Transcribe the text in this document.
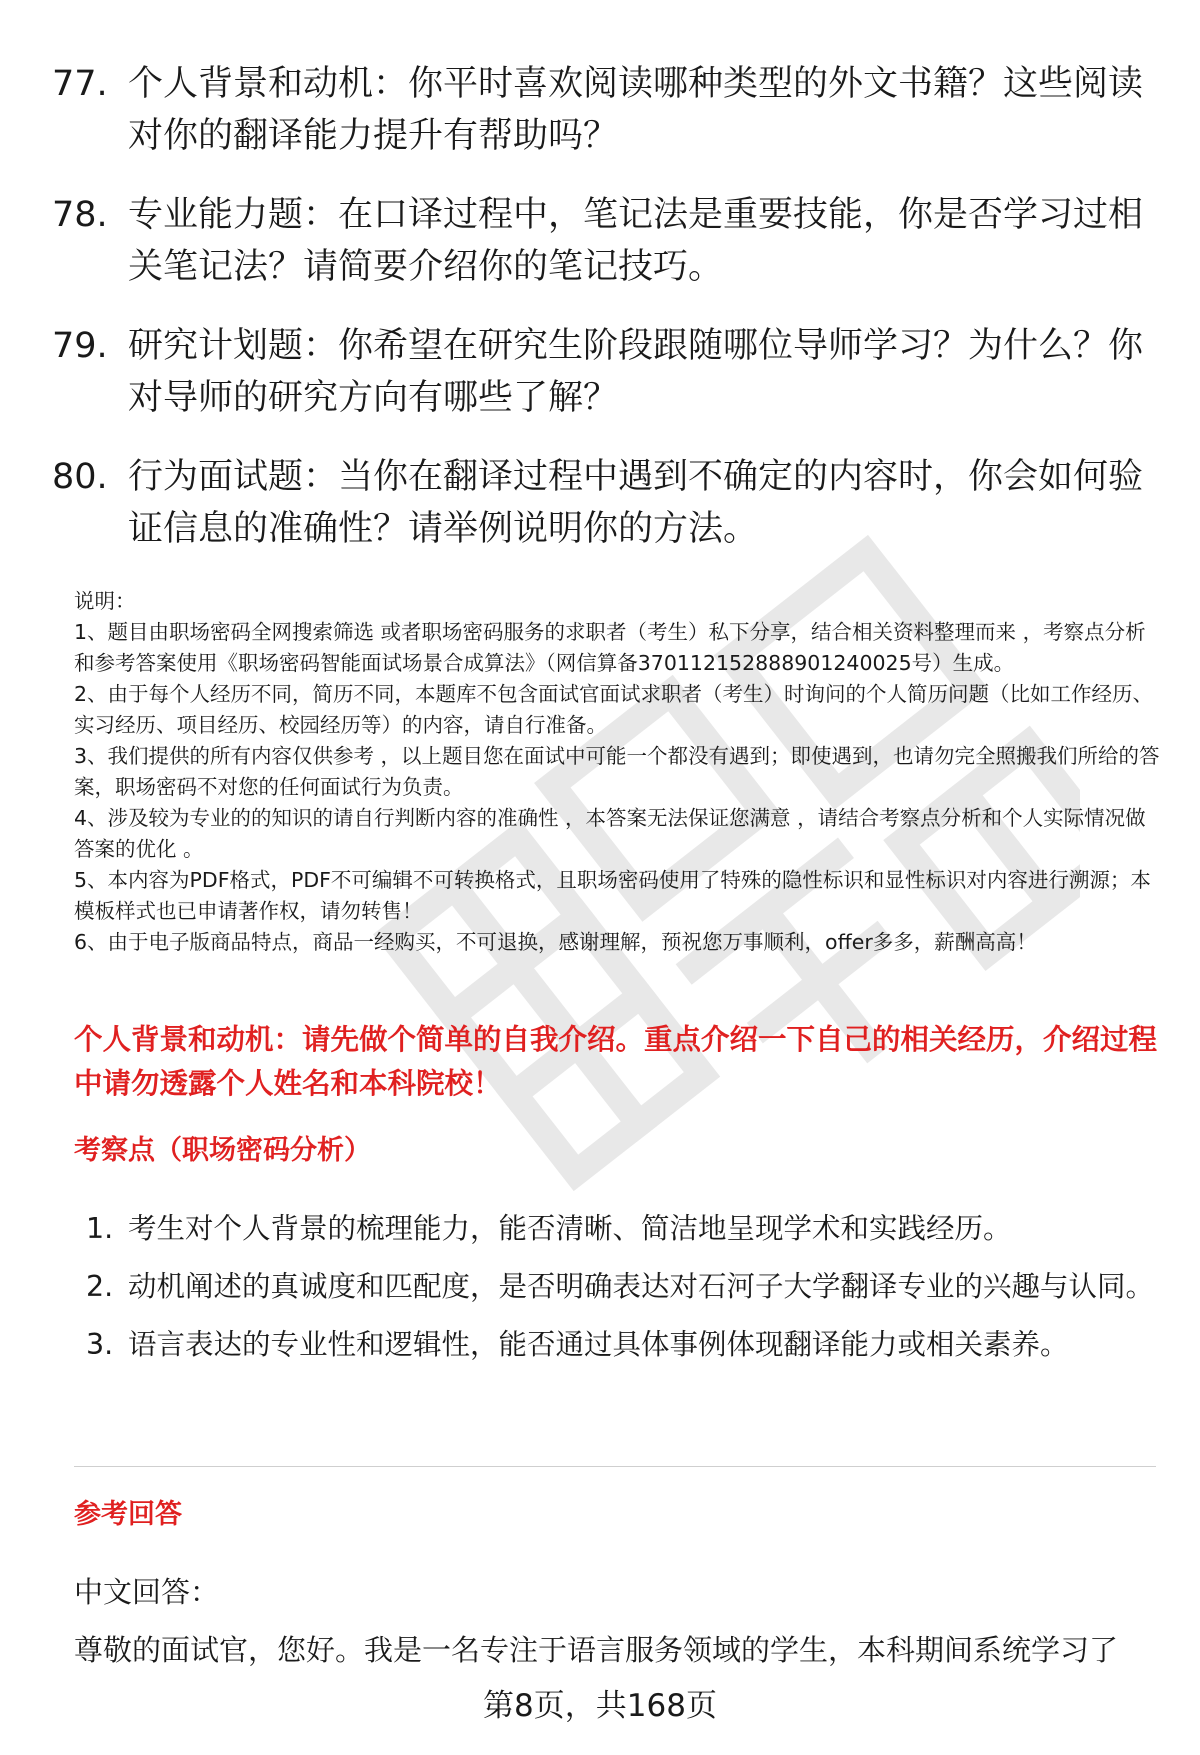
77. 个人背景和动机：你平时喜欢阅读哪种类型的外文书籍？这些阅读对你的翻译能力提升有帮助吗？
78. 专业能力题：在口译过程中，笔记法是重要技能，你是否学习过相关笔记法？请简要介绍你的笔记技巧。
79. 研究计划题：你希望在研究生阶段跟随哪位导师学习？为什么？你对导师的研究方向有哪些了解？
80. 行为面试题：当你在翻译过程中遇到不确定的内容时，你会如何验证信息的准确性？请举例说明你的方法。

说明：

1、题目由职场密码全网搜索筛选 或者职场密码服务的求职者（考生）私下分享，结合相关资料整理而来 ，考察点分析和参考答案使用《职场密码智能面试场景合成算法》（网信算备370112152888901240025号）生成。

2、由于每个人经历不同，简历不同，本题库不包含面试官面试求职者（考生）时询问的个人简历问题（比如工作经历、实习经历、项目经历、校园经历等）的内容，请自行准备。

3、我们提供的所有内容仅供参考 ，以上题目您在面试中可能一个都没有遇到；即使遇到，也请勿完全照搬我们所给的答案，职场密码不对您的任何面试行为负责。

4、涉及较为专业的的知识的请自行判断内容的准确性 ，本答案无法保证您满意 ，请结合考察点分析和个人实际情况做答案的优化 。

5、本内容为PDF格式，PDF不可编辑不可转换格式，且职场密码使用了特殊的隐性标识和显性标识对内容进行溯源；本模板样式也已申请著作权，请勿转售！

6、由于电子版商品特点，商品一经购买，不可退换，感谢理解，预祝您万事顺利，offer多多，薪酬高高！

个人背景和动机：请先做个简单的自我介绍。重点介绍一下自己的相关经历，介绍过程中请勿透露个人姓名和本科院校！
考察点（职场密码分析）
1. 考生对个人背景的梳理能力，能否清晰、简洁地呈现学术和实践经历。
2. 动机阐述的真诚度和匹配度，是否明确表达对石河子大学翻译专业的兴趣与认同。
3. 语言表达的专业性和逻辑性，能否通过具体事例体现翻译能力或相关素养。
参考回答
中文回答：
尊敬的面试官，您好。我是一名专注于语言服务领域的学生，本科期间系统学习了
第8页，共168页
